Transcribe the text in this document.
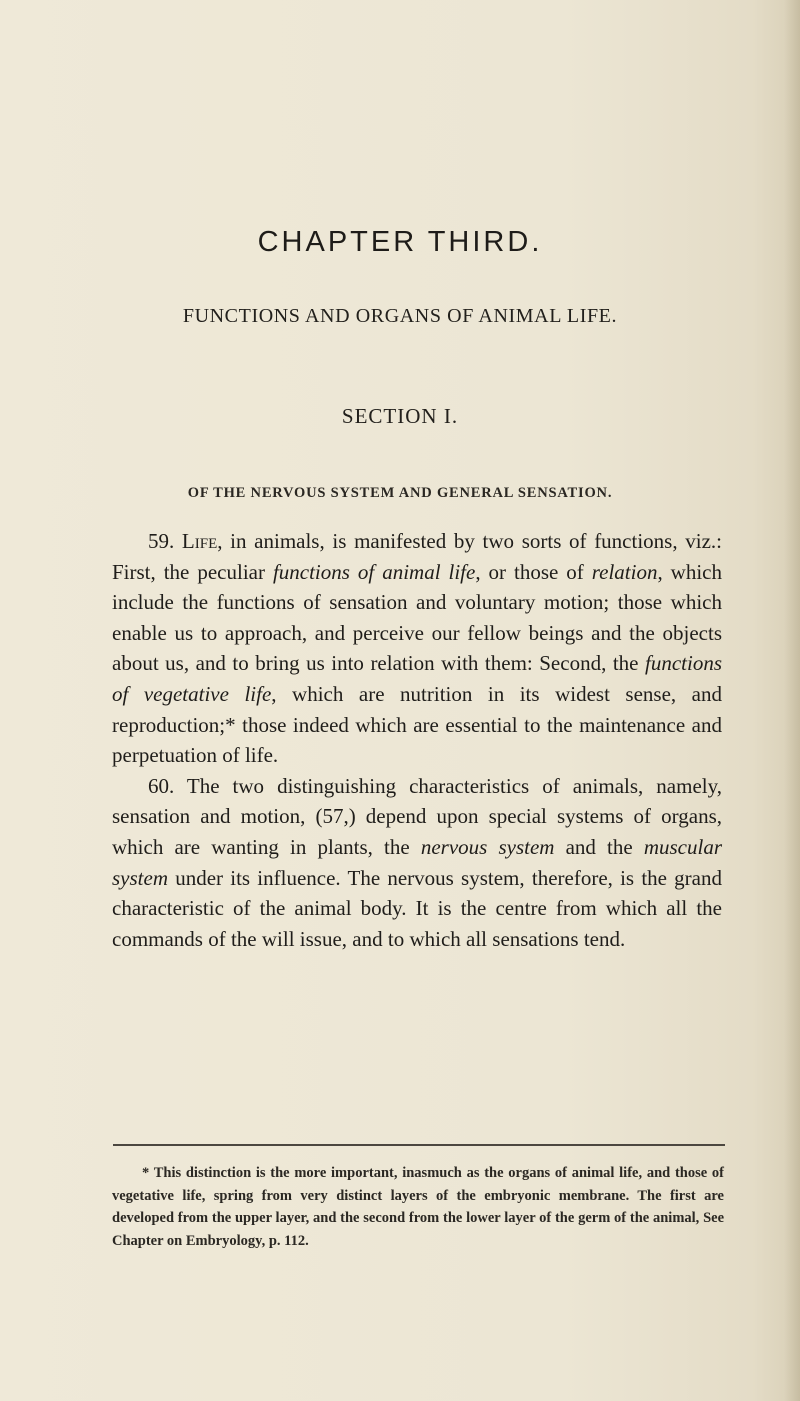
CHAPTER THIRD.
FUNCTIONS AND ORGANS OF ANIMAL LIFE.
SECTION I.
OF THE NERVOUS SYSTEM AND GENERAL SENSATION.

59. Life, in animals, is manifested by two sorts of functions, viz.: First, the peculiar functions of animal life, or those of relation, which include the functions of sensation and voluntary motion; those which enable us to approach, and perceive our fellow beings and the objects about us, and to bring us into relation with them: Second, the functions of vegetative life, which are nutrition in its widest sense, and reproduction;* those indeed which are essential to the maintenance and perpetuation of life.

60. The two distinguishing characteristics of animals, namely, sensation and motion, (57,) depend upon special systems of organs, which are wanting in plants, the nervous system and the muscular system under its influence. The nervous system, therefore, is the grand characteristic of the animal body. It is the centre from which all the commands of the will issue, and to which all sensations tend.

* This distinction is the more important, inasmuch as the organs of animal life, and those of vegetative life, spring from very distinct layers of the embryonic membrane. The first are developed from the upper layer, and the second from the lower layer of the germ of the animal, See Chapter on Embryology, p. 112.
